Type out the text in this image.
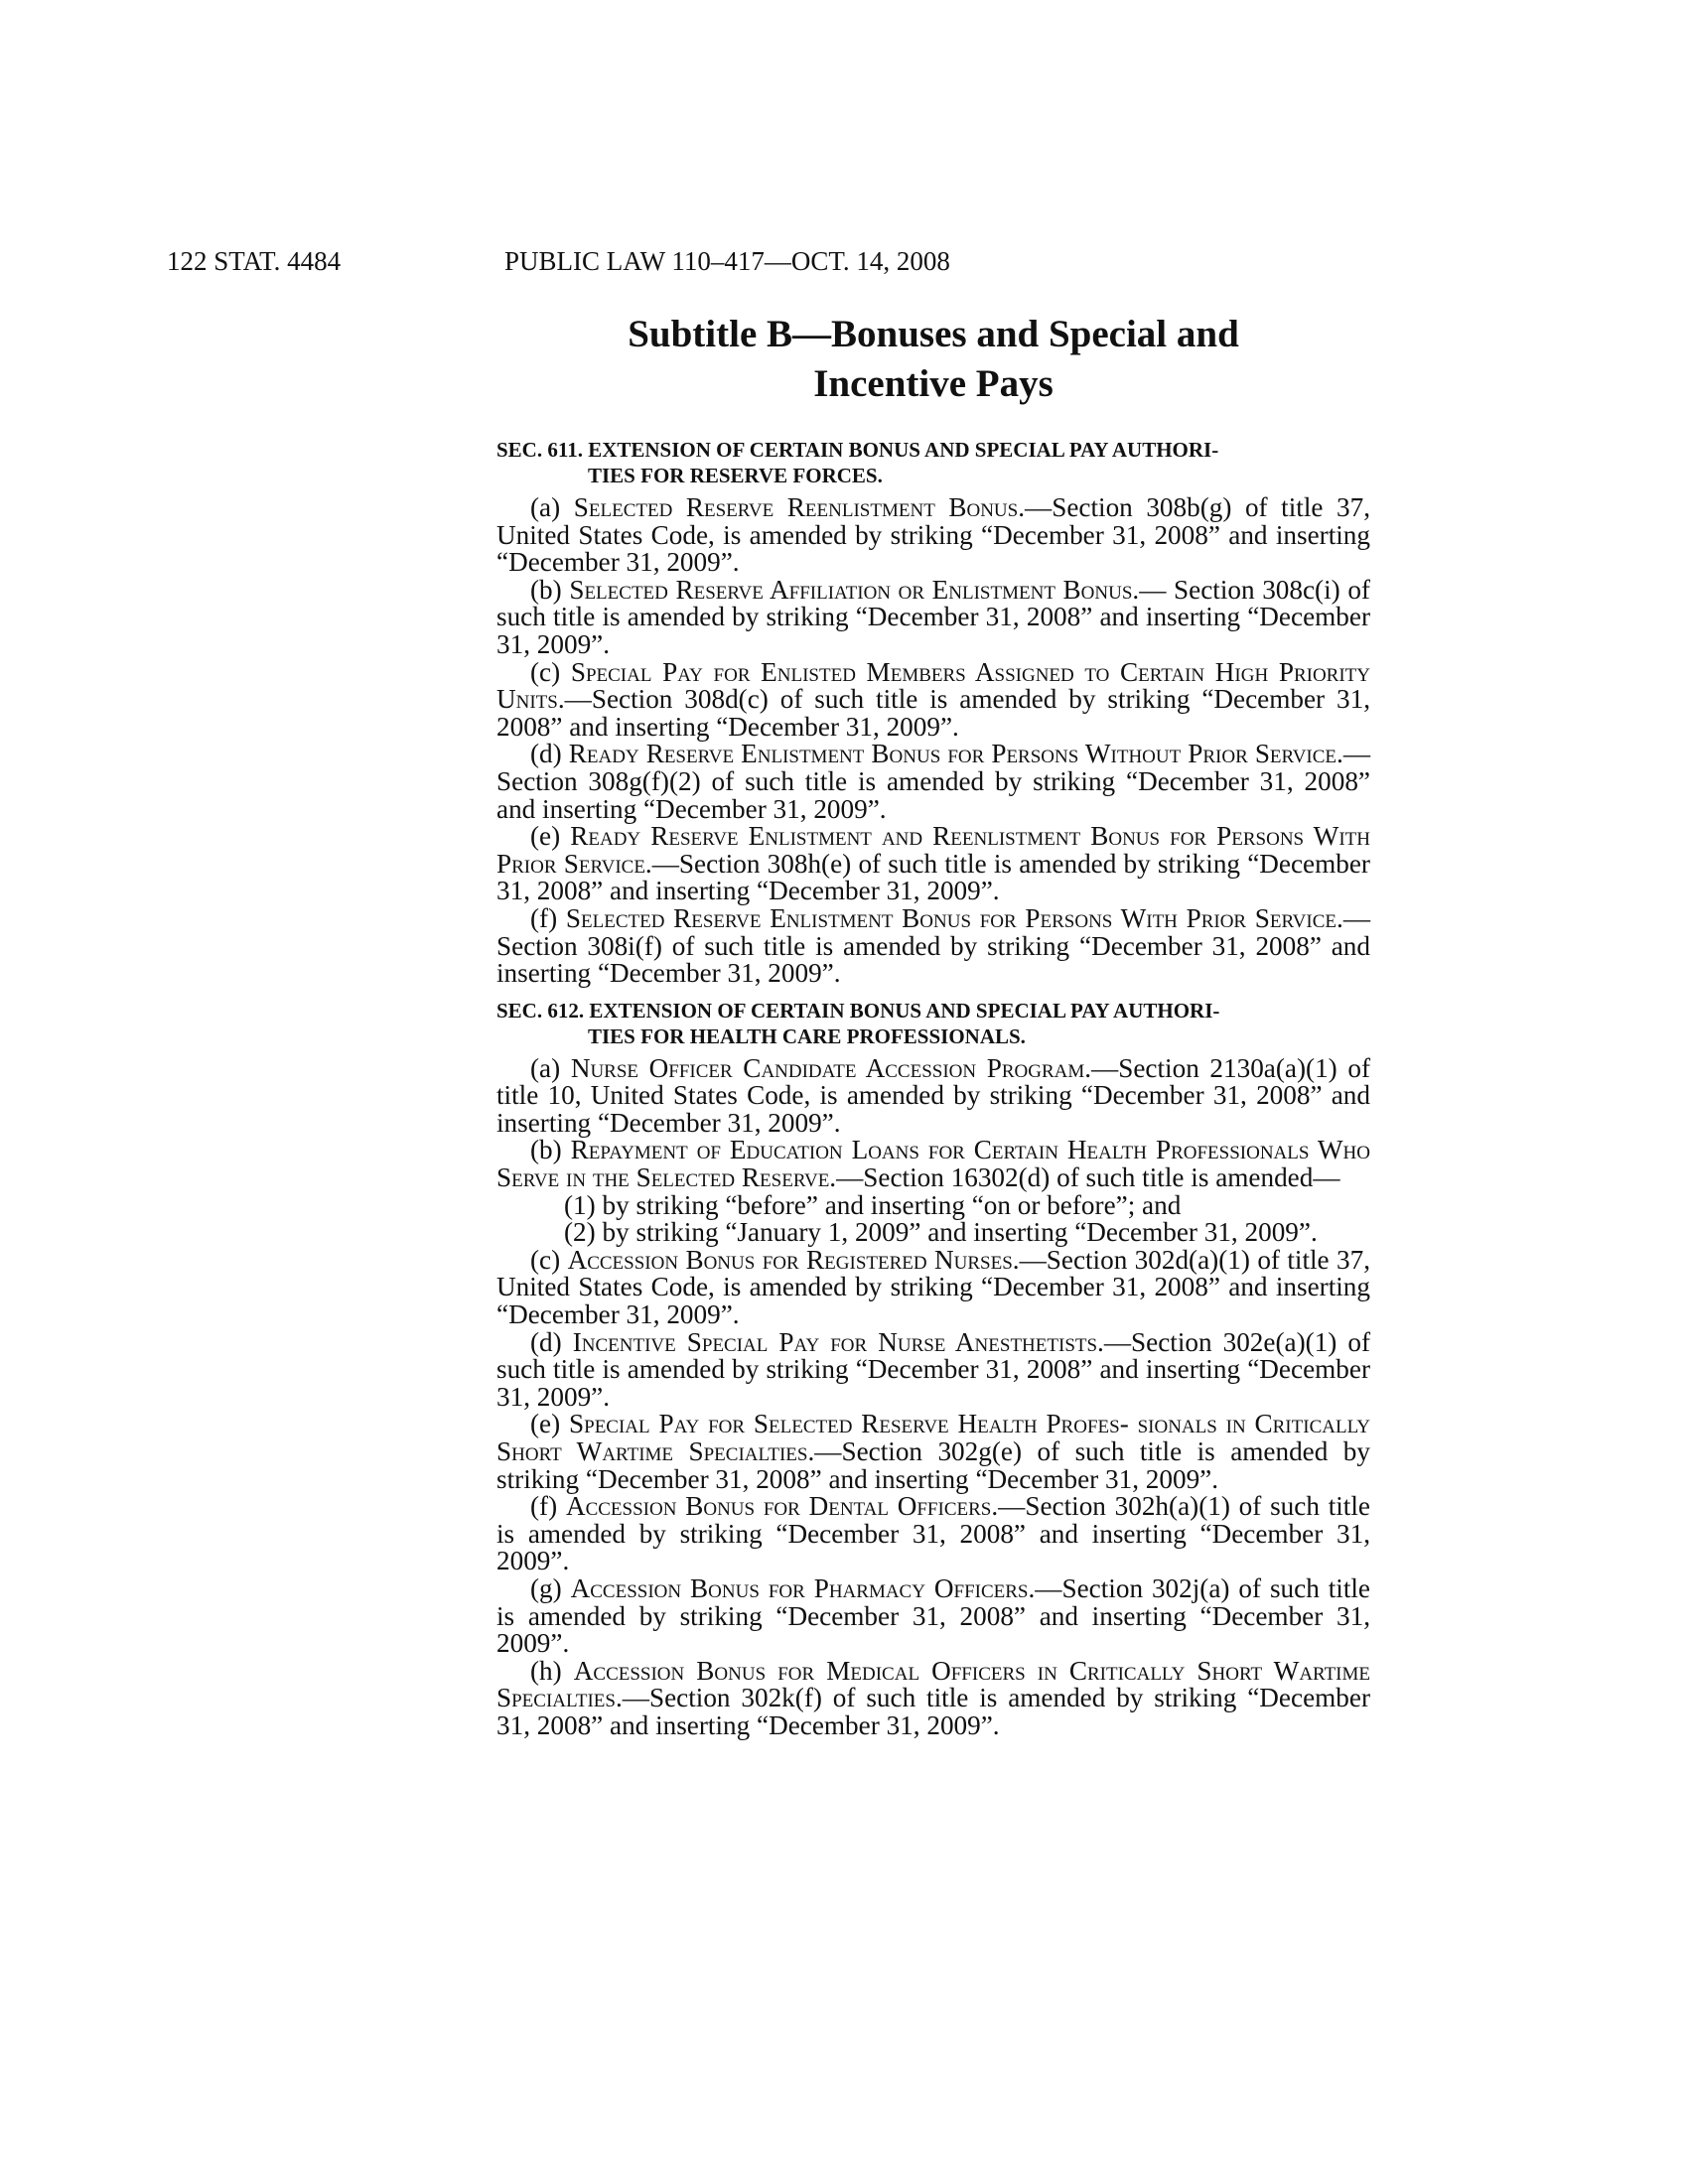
122 STAT. 4484	PUBLIC LAW 110–417—OCT. 14, 2008
Subtitle B—Bonuses and Special and
Incentive Pays
SEC. 611. EXTENSION OF CERTAIN BONUS AND SPECIAL PAY AUTHORI-
TIES FOR RESERVE FORCES.

(a) Selected Reserve Reenlistment Bonus.—Section 308b(g) of title 37, United States Code, is amended by striking “December 31, 2008” and inserting “December 31, 2009”.

(b) Selected Reserve Affiliation or Enlistment Bonus.— Section 308c(i) of such title is amended by striking “December 31, 2008” and inserting “December 31, 2009”.

(c) Special Pay for Enlisted Members Assigned to Certain High Priority Units.—Section 308d(c) of such title is amended by striking “December 31, 2008” and inserting “December 31, 2009”.

(d) Ready Reserve Enlistment Bonus for Persons Without Prior Service.—Section 308g(f)(2) of such title is amended by striking “December 31, 2008” and inserting “December 31, 2009”.

(e) Ready Reserve Enlistment and Reenlistment Bonus for Persons With Prior Service.—Section 308h(e) of such title is amended by striking “December 31, 2008” and inserting “December 31, 2009”.

(f) Selected Reserve Enlistment Bonus for Persons With Prior Service.—Section 308i(f) of such title is amended by striking “December 31, 2008” and inserting “December 31, 2009”.

SEC. 612. EXTENSION OF CERTAIN BONUS AND SPECIAL PAY AUTHORI-
TIES FOR HEALTH CARE PROFESSIONALS.

(a) Nurse Officer Candidate Accession Program.—Section 2130a(a)(1) of title 10, United States Code, is amended by striking “December 31, 2008” and inserting “December 31, 2009”.

(b) Repayment of Education Loans for Certain Health Professionals Who Serve in the Selected Reserve.—Section 16302(d) of such title is amended—

(1) by striking “before” and inserting “on or before”; and

(2) by striking “January 1, 2009” and inserting “December 31, 2009”.

(c) Accession Bonus for Registered Nurses.—Section 302d(a)(1) of title 37, United States Code, is amended by striking “December 31, 2008” and inserting “December 31, 2009”.

(d) Incentive Special Pay for Nurse Anesthetists.—Section 302e(a)(1) of such title is amended by striking “December 31, 2008” and inserting “December 31, 2009”.

(e) Special Pay for Selected Reserve Health Profes- sionals in Critically Short Wartime Specialties.—Section 302g(e) of such title is amended by striking “December 31, 2008” and inserting “December 31, 2009”.

(f) Accession Bonus for Dental Officers.—Section 302h(a)(1) of such title is amended by striking “December 31, 2008” and inserting “December 31, 2009”.

(g) Accession Bonus for Pharmacy Officers.—Section 302j(a) of such title is amended by striking “December 31, 2008” and inserting “December 31, 2009”.

(h) Accession Bonus for Medical Officers in Critically Short Wartime Specialties.—Section 302k(f) of such title is amended by striking “December 31, 2008” and inserting “December 31, 2009”.
